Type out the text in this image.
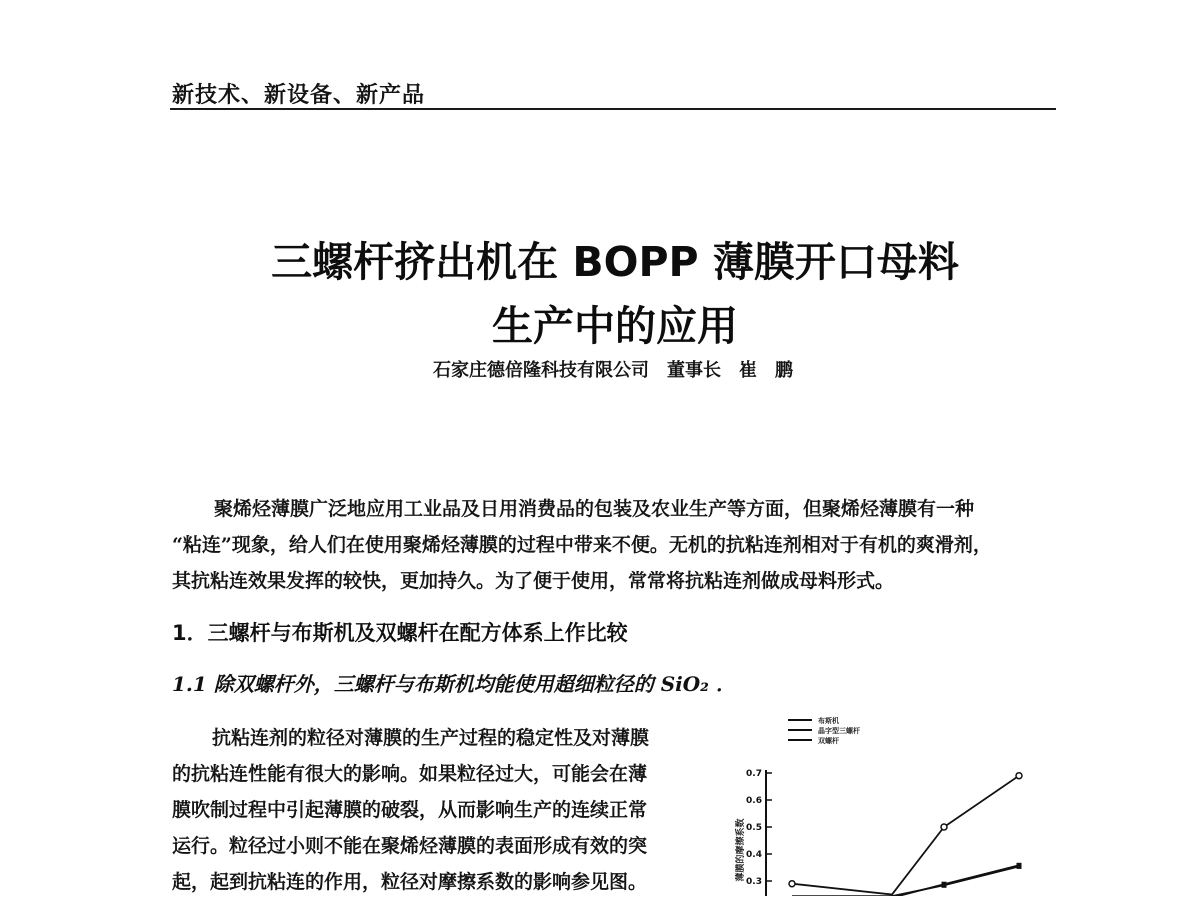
新技术、新设备、新产品
三螺杆挤出机在 BOPP 薄膜开口母料
生产中的应用
石家庄德倍隆科技有限公司 董事长 崔　鹏

聚烯烃薄膜广泛地应用工业品及日用消费品的包装及农业生产等方面，但聚烯烃薄膜有一种

“粘连”现象，给人们在使用聚烯烃薄膜的过程中带来不便。无机的抗粘连剂相对于有机的爽滑剂，

其抗粘连效果发挥的较快，更加持久。为了便于使用，常常将抗粘连剂做成母料形式。

1．三螺杆与布斯机及双螺杆在配方体系上作比较
1.1 除双螺杆外，三螺杆与布斯机均能使用超细粒径的 SiO₂ ．

抗粘连剂的粒径对薄膜的生产过程的稳定性及对薄膜

的抗粘连性能有很大的影响。如果粒径过大，可能会在薄

膜吹制过程中引起薄膜的破裂，从而影响生产的连续正常

运行。粒径过小则不能在聚烯烃薄膜的表面形成有效的突

起，起到抗粘连的作用，粒径对摩擦系数的影响参见图。

布斯机
晶字型三螺杆
双螺杆
0.7
0.6
0.5
0.4
0.3
薄膜的摩擦系数
